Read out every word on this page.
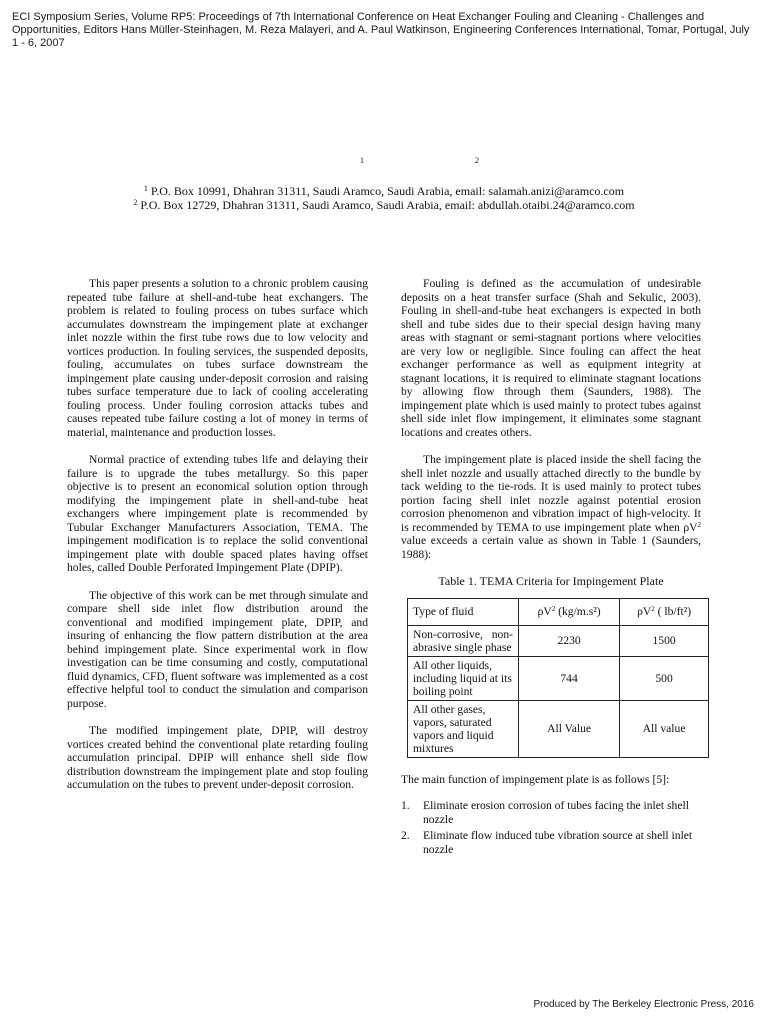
ECI Symposium Series, Volume RP5: Proceedings of 7th International Conference on Heat Exchanger Fouling and Cleaning - Challenges and Opportunities, Editors Hans Müller-Steinhagen, M. Reza Malayeri, and A. Paul Watkinson, Engineering Conferences International, Tomar, Portugal, July 1 - 6, 2007
1	2
$^1$ P.O. Box 10991, Dhahran 31311, Saudi Aramco, Saudi Arabia, email: salamah.anizi@aramco.com
$^2$ P.O. Box 12729, Dhahran 31311, Saudi Aramco, Saudi Arabia, email: abdullah.otaibi.24@aramco.com

This paper presents a solution to a chronic problem causing repeated tube failure at shell-and-tube heat exchangers. The problem is related to fouling process on tubes surface which accumulates downstream the impingement plate at exchanger inlet nozzle within the first tube rows due to low velocity and vortices production. In fouling services, the suspended deposits, fouling, accumulates on tubes surface downstream the impingement plate causing under-deposit corrosion and raising tubes surface temperature due to lack of cooling accelerating fouling process. Under fouling corrosion attacks tubes and causes repeated tube failure costing a lot of money in terms of material, maintenance and production losses.

Normal practice of extending tubes life and delaying their failure is to upgrade the tubes metallurgy. So this paper objective is to present an economical solution option through modifying the impingement plate in shell-and-tube heat exchangers where impingement plate is recommended by Tubular Exchanger Manufacturers Association, TEMA. The impingement modification is to replace the solid conventional impingement plate with double spaced plates having offset holes, called Double Perforated Impingement Plate (DPIP).

The objective of this work can be met through simulate and compare shell side inlet flow distribution around the conventional and modified impingement plate, DPIP, and insuring of enhancing the flow pattern distribution at the area behind impingement plate. Since experimental work in flow investigation can be time consuming and costly, computational fluid dynamics, CFD, fluent software was implemented as a cost effective helpful tool to conduct the simulation and comparison purpose.

The modified impingement plate, DPIP, will destroy vortices created behind the conventional plate retarding fouling accumulation principal. DPIP will enhance shell side flow distribution downstream the impingement plate and stop fouling accumulation on the tubes to prevent under-deposit corrosion.

Fouling is defined as the accumulation of undesirable deposits on a heat transfer surface (Shah and Sekulic, 2003). Fouling in shell-and-tube heat exchangers is expected in both shell and tube sides due to their special design having many areas with stagnant or semi-stagnant portions where velocities are very low or negligible. Since fouling can affect the heat exchanger performance as well as equipment integrity at stagnant locations, it is required to eliminate stagnant locations by allowing flow through them (Saunders, 1988). The impingement plate which is used mainly to protect tubes against shell side inlet flow impingement, it eliminates some stagnant locations and creates others.

The impingement plate is placed inside the shell facing the shell inlet nozzle and usually attached directly to the bundle by tack welding to the tie-rods. It is used mainly to protect tubes portion facing shell inlet nozzle against potential erosion corrosion phenomenon and vibration impact of high-velocity. It is recommended by TEMA to use impingement plate when $\rho V^2$ value exceeds a certain value as shown in Table 1 (Saunders, 1988):

Table 1. TEMA Criteria for Impingement Plate
Type of fluid	$\rho V^2$ (kg/m.s²)	$\rho V^2$ ( lb/ft²)
Non-corrosive, non-abrasive single phase	2230	1500
All other liquids, including liquid at its boiling point	744	500
All other gases, vapors, saturated vapors and liquid mixtures	All Value	All value
The main function of impingement plate is as follows [5]:
1.	Eliminate erosion corrosion of tubes facing the inlet shell nozzle
2.	Eliminate flow induced tube vibration source at shell inlet nozzle
Produced by The Berkeley Electronic Press, 2016
